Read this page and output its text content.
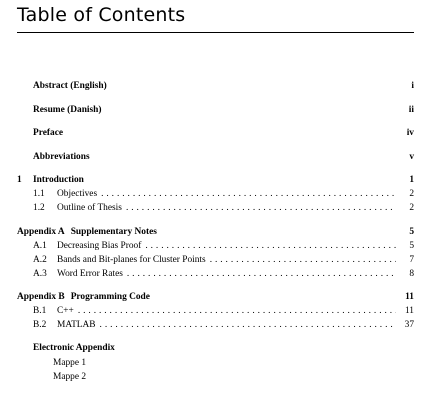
Table of Contents
Abstract (English)	i
Resume (Danish)	ii
Preface	iv
Abbreviations	v
1	Introduction	1
1.1	Objectives . . .	2
1.2	Outline of Thesis . . .	2
Appendix A Supplementary Notes	5
A.1	Decreasing Bias Proof . . .	5
A.2	Bands and Bit-planes for Cluster Points . . .	7
A.3	Word Error Rates . . .	8
Appendix B Programming Code	11
B.1	C++ . . .	11
B.2	MATLAB . . .	37
Electronic Appendix
Mappe 1
Mappe 2
